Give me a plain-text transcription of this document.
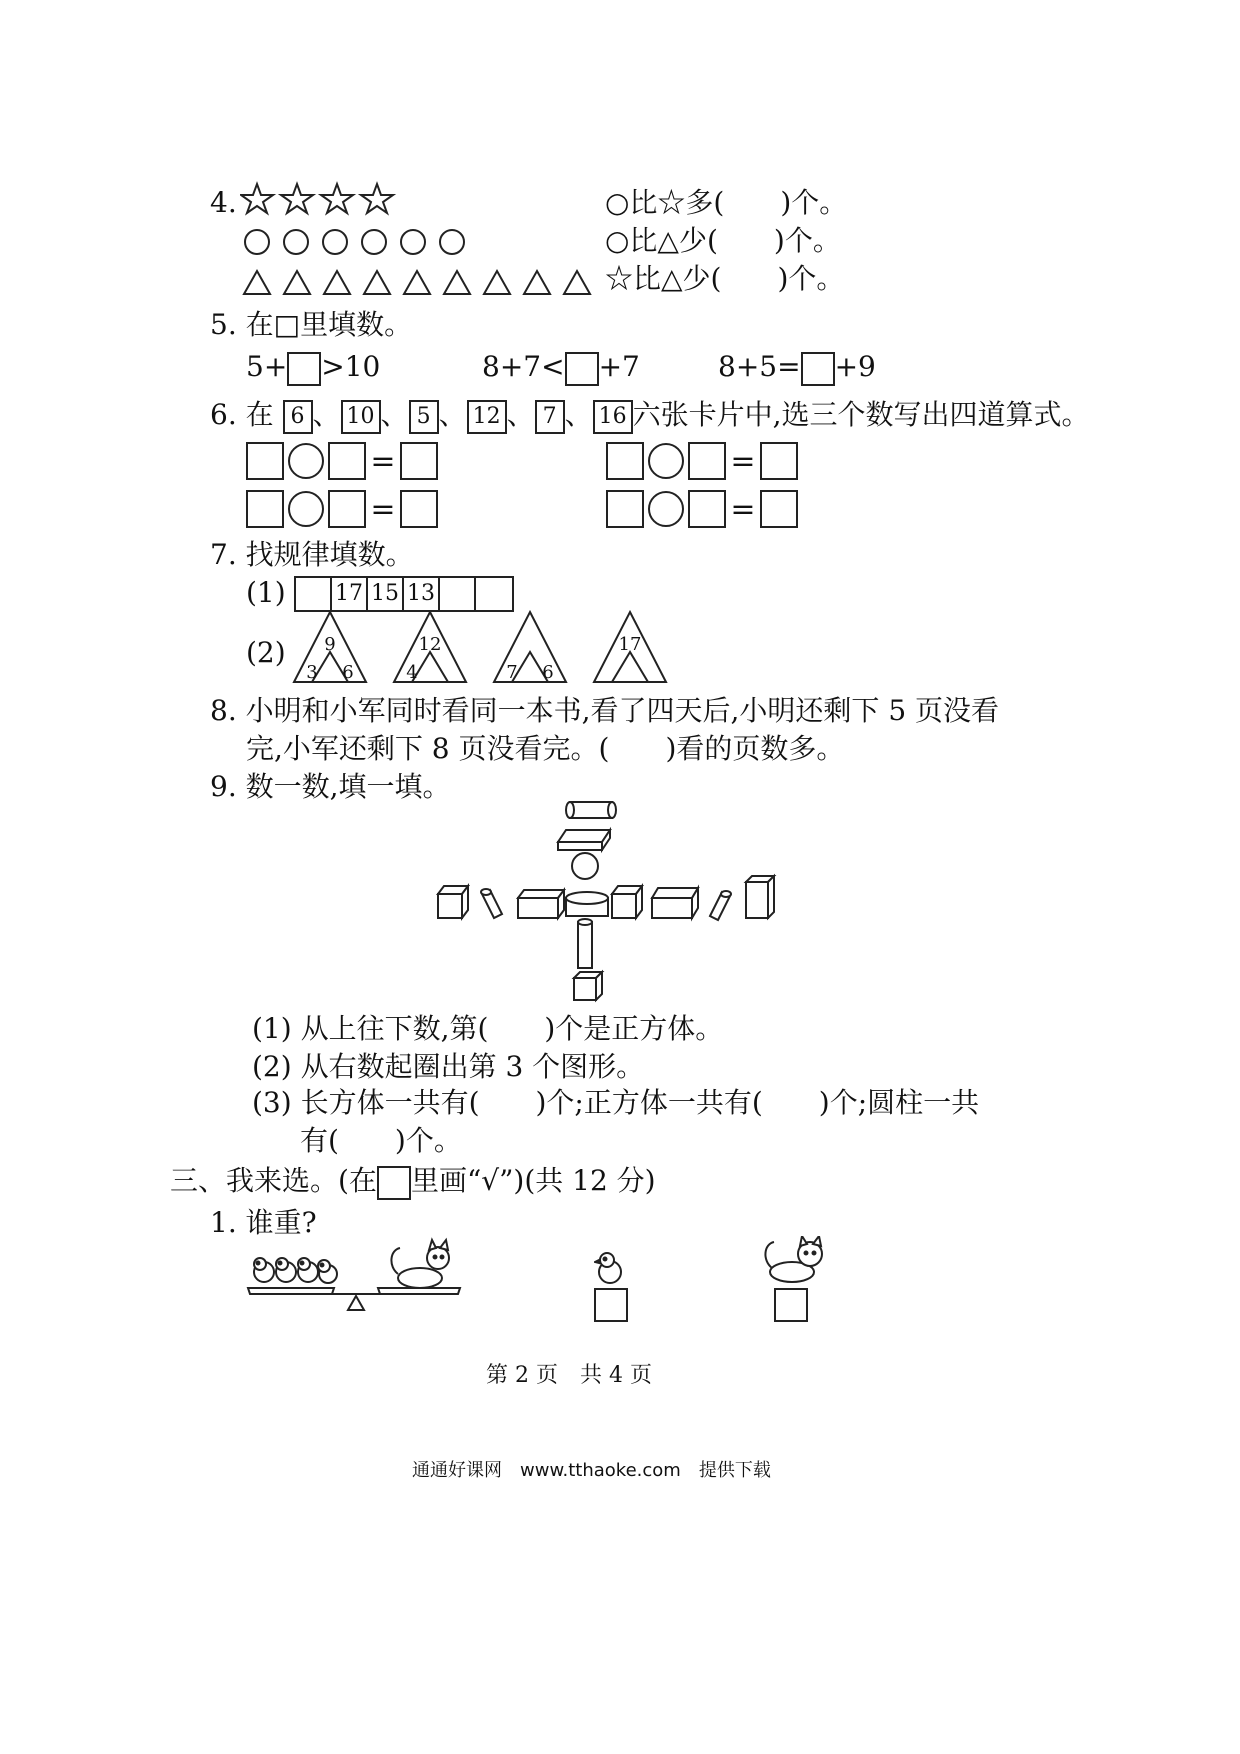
4.	○比☆多(　　)个。
○比△少(　　)个。
☆比△少(　　)个。
5. 在□里填数。
5+ >10	8+7< +7	8+5= +9
6. 在 6 、 10 、 5 、 12 、 7 、 16 六张卡片中,选三个数写出四道算式。
=	=
=	=
7. 找规律填数。
(1) 17 15 13
(2) 9
3 6
12
4	7 6
17
8. 小明和小军同时看同一本书,看了四天后,小明还剩下 5 页没看
完,小军还剩下 8 页没看完。(　　)看的页数多。
9. 数一数,填一填。
(1) 从上往下数,第(　　)个是正方体。
(2) 从右数起圈出第 3 个图形。
(3) 长方体一共有(　　)个;正方体一共有(　　)个;圆柱一共
有(　　)个。
三、我来选。(在 里画“√”)(共 12 分)
1. 谁重?
第 2 页　共 4 页
通通好课网　www.tthaoke.com　提供下载
